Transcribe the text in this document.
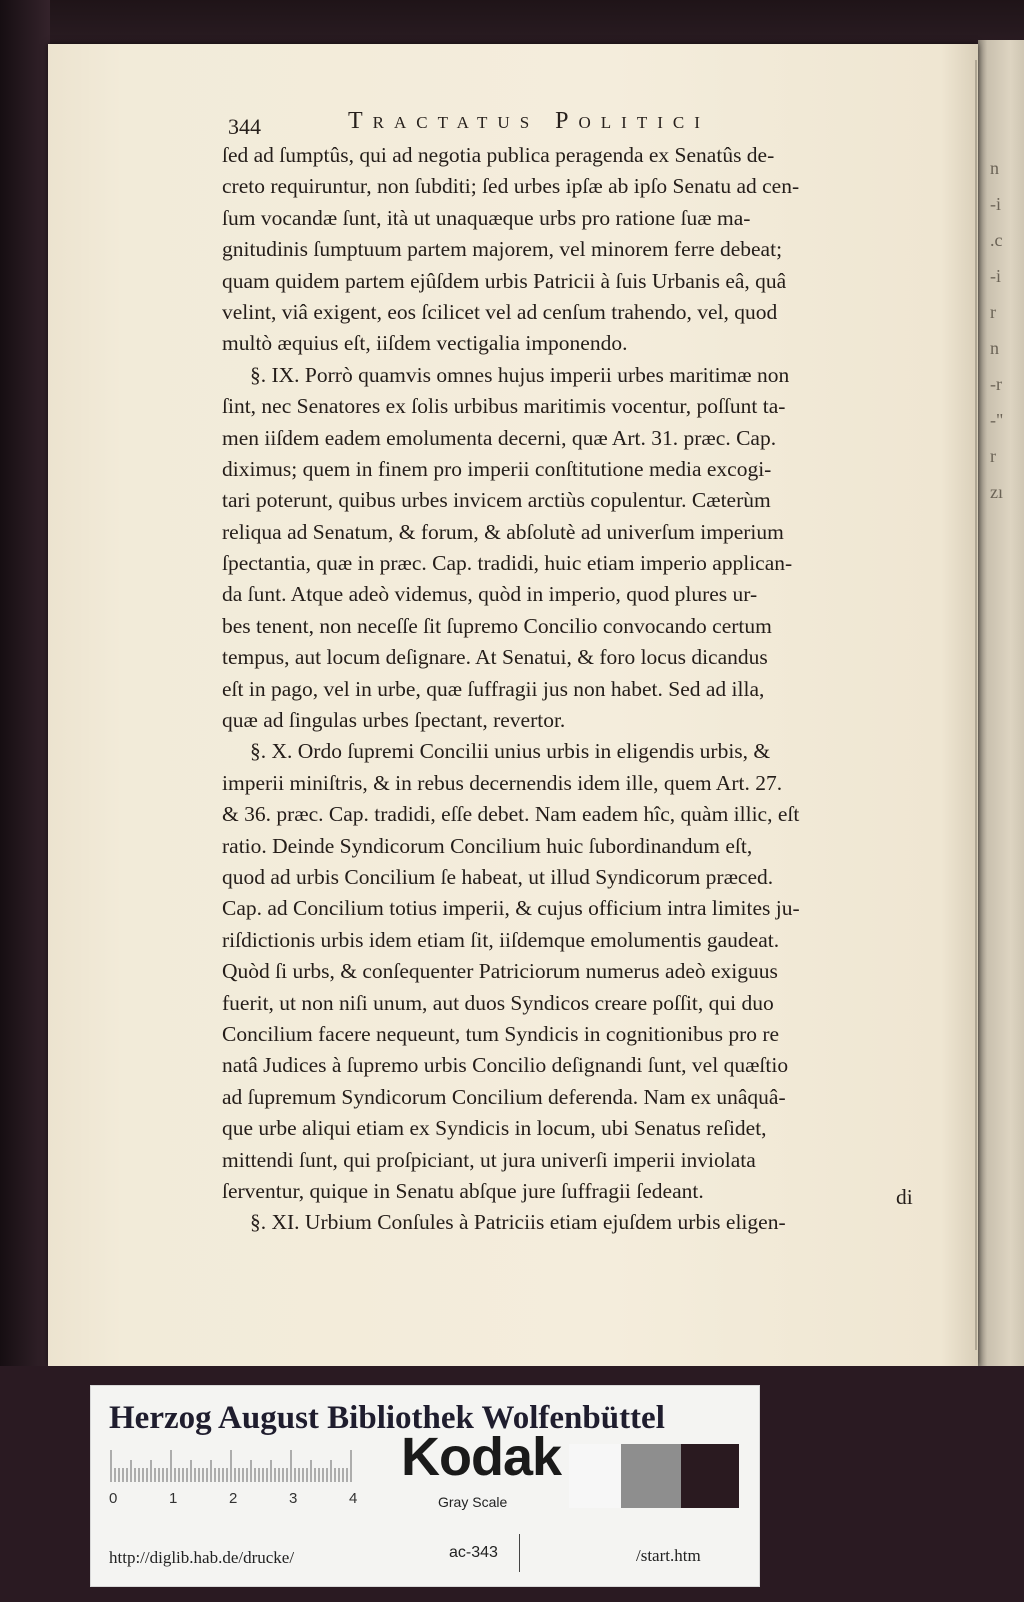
n
-i
.c
-i
r
n
-r
-"
r
zı
344	Tractatus Politici
ſed ad ſumptûs, qui ad negotia publica peragenda ex Senatûs de-
creto requiruntur, non ſubditi; ſed urbes ipſæ ab ipſo Senatu ad cen-
ſum vocandæ ſunt, ità ut unaquæque urbs pro ratione ſuæ ma-
gnitudinis ſumptuum partem majorem, vel minorem ferre debeat;
quam quidem partem ejûſdem urbis Patricii à ſuis Urbanis eâ, quâ
velint, viâ exigent, eos ſcilicet vel ad cenſum trahendo, vel, quod
multò æquius eſt, iiſdem vectigalia imponendo.
§. IX. Porrò quamvis omnes hujus imperii urbes maritimæ non
ſint, nec Senatores ex ſolis urbibus maritimis vocentur, poſſunt ta-
men iiſdem eadem emolumenta decerni, quæ Art. 31. præc. Cap.
diximus; quem in finem pro imperii conſtitutione media excogi-
tari poterunt, quibus urbes invicem arctiùs copulentur. Cæterùm
reliqua ad Senatum, & forum, & abſolutè ad univerſum imperium
ſpectantia, quæ in præc. Cap. tradidi, huic etiam imperio applican-
da ſunt. Atque adeò videmus, quòd in imperio, quod plures ur-
bes tenent, non neceſſe ſit ſupremo Concilio convocando certum
tempus, aut locum deſignare. At Senatui, & foro locus dicandus
eſt in pago, vel in urbe, quæ ſuffragii jus non habet. Sed ad illa,
quæ ad ſingulas urbes ſpectant, revertor.
§. X. Ordo ſupremi Concilii unius urbis in eligendis urbis, &
imperii miniſtris, & in rebus decernendis idem ille, quem Art. 27.
& 36. præc. Cap. tradidi, eſſe debet. Nam eadem hîc, quàm illic, eſt
ratio. Deinde Syndicorum Concilium huic ſubordinandum eſt,
quod ad urbis Concilium ſe habeat, ut illud Syndicorum præced.
Cap. ad Concilium totius imperii, & cujus officium intra limites ju-
riſdictionis urbis idem etiam ſit, iiſdemque emolumentis gaudeat.
Quòd ſi urbs, & conſequenter Patriciorum numerus adeò exiguus
fuerit, ut non niſi unum, aut duos Syndicos creare poſſit, qui duo
Concilium facere nequeunt, tum Syndicis in cognitionibus pro re
natâ Judices à ſupremo urbis Concilio deſignandi ſunt, vel quæſtio
ad ſupremum Syndicorum Concilium deferenda. Nam ex unâquâ-
que urbe aliqui etiam ex Syndicis in locum, ubi Senatus reſidet,
mittendi ſunt, qui proſpiciant, ut jura univerſi imperii inviolata
ſerventur, quique in Senatu abſque jure ſuffragii ſedeant.
§. XI. Urbium Conſules à Patriciis etiam ejuſdem urbis eligen-
di
Herzog August Bibliothek Wolfenbüttel
0	1	2	3	4
Kodak
Gray Scale
http://diglib.hab.de/drucke/	ac-343	/start.htm
